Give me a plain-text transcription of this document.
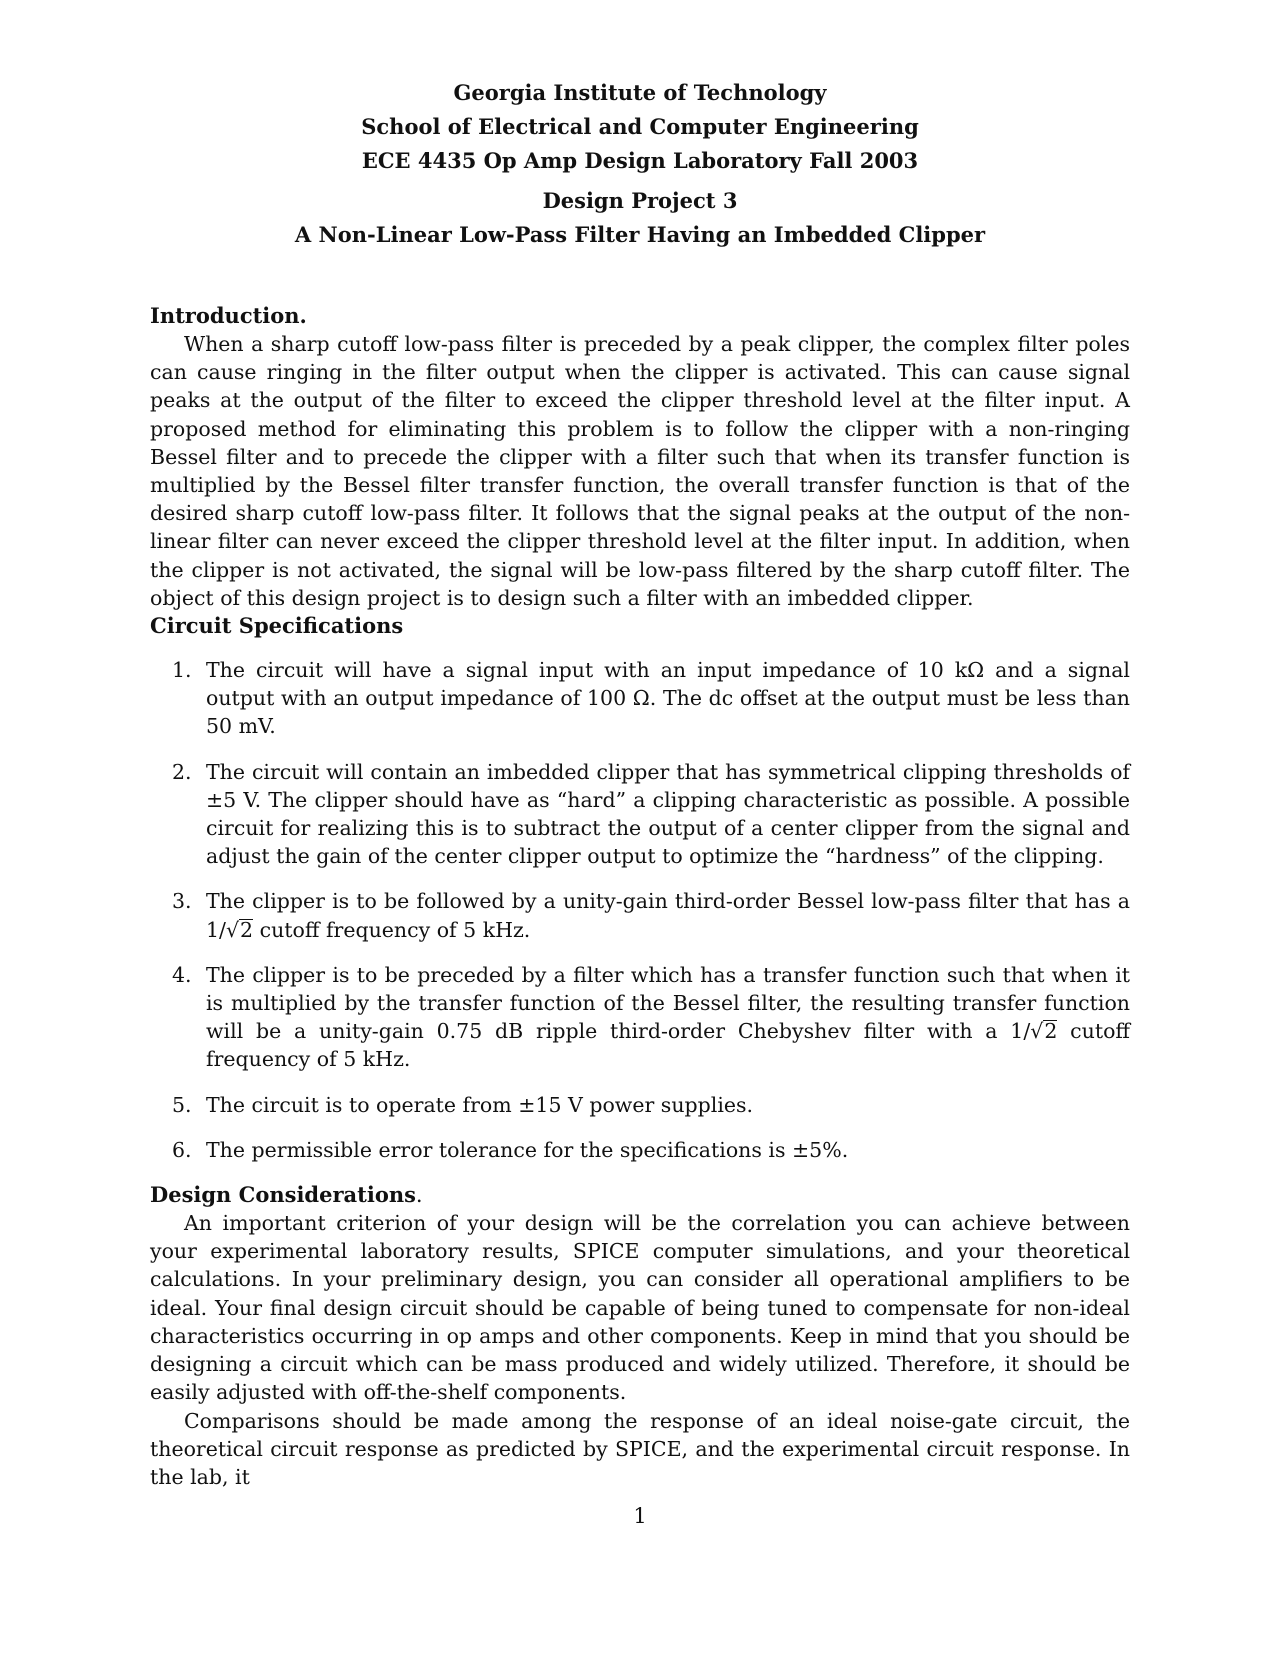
Georgia Institute of Technology
School of Electrical and Computer Engineering
ECE 4435 Op Amp Design Laboratory Fall 2003
Design Project 3
A Non-Linear Low-Pass Filter Having an Imbedded Clipper
Introduction.

When a sharp cutoff low-pass filter is preceded by a peak clipper, the complex filter poles can cause ringing in the filter output when the clipper is activated. This can cause signal peaks at the output of the filter to exceed the clipper threshold level at the filter input. A proposed method for eliminating this problem is to follow the clipper with a non-ringing Bessel filter and to precede the clipper with a filter such that when its transfer function is multiplied by the Bessel filter transfer function, the overall transfer function is that of the desired sharp cutoff low-pass filter. It follows that the signal peaks at the output of the non-linear filter can never exceed the clipper threshold level at the filter input. In addition, when the clipper is not activated, the signal will be low-pass filtered by the sharp cutoff filter. The object of this design project is to design such a filter with an imbedded clipper.

Circuit Specifications
1. The circuit will have a signal input with an input impedance of 10 kΩ and a signal output with an output impedance of 100 Ω. The dc offset at the output must be less than 50 mV.
2. The circuit will contain an imbedded clipper that has symmetrical clipping thresholds of ±5 V. The clipper should have as “hard” a clipping characteristic as possible. A possible circuit for realizing this is to subtract the output of a center clipper from the signal and adjust the gain of the center clipper output to optimize the “hardness” of the clipping.
3. The clipper is to be followed by a unity-gain third-order Bessel low-pass filter that has a 1/√2 cutoff frequency of 5 kHz.
4. The clipper is to be preceded by a filter which has a transfer function such that when it is multiplied by the transfer function of the Bessel filter, the resulting transfer function will be a unity-gain 0.75 dB ripple third-order Chebyshev filter with a 1/√2 cutoff frequency of 5 kHz.
5. The circuit is to operate from ±15 V power supplies.
6. The permissible error tolerance for the specifications is ±5%.
Design Considerations.

An important criterion of your design will be the correlation you can achieve between your experimental laboratory results, SPICE computer simulations, and your theoretical calculations. In your preliminary design, you can consider all operational amplifiers to be ideal. Your final design circuit should be capable of being tuned to compensate for non-ideal characteristics occurring in op amps and other components. Keep in mind that you should be designing a circuit which can be mass produced and widely utilized. Therefore, it should be easily adjusted with off-the-shelf components.

Comparisons should be made among the response of an ideal noise-gate circuit, the theoretical circuit response as predicted by SPICE, and the experimental circuit response. In the lab, it

1
